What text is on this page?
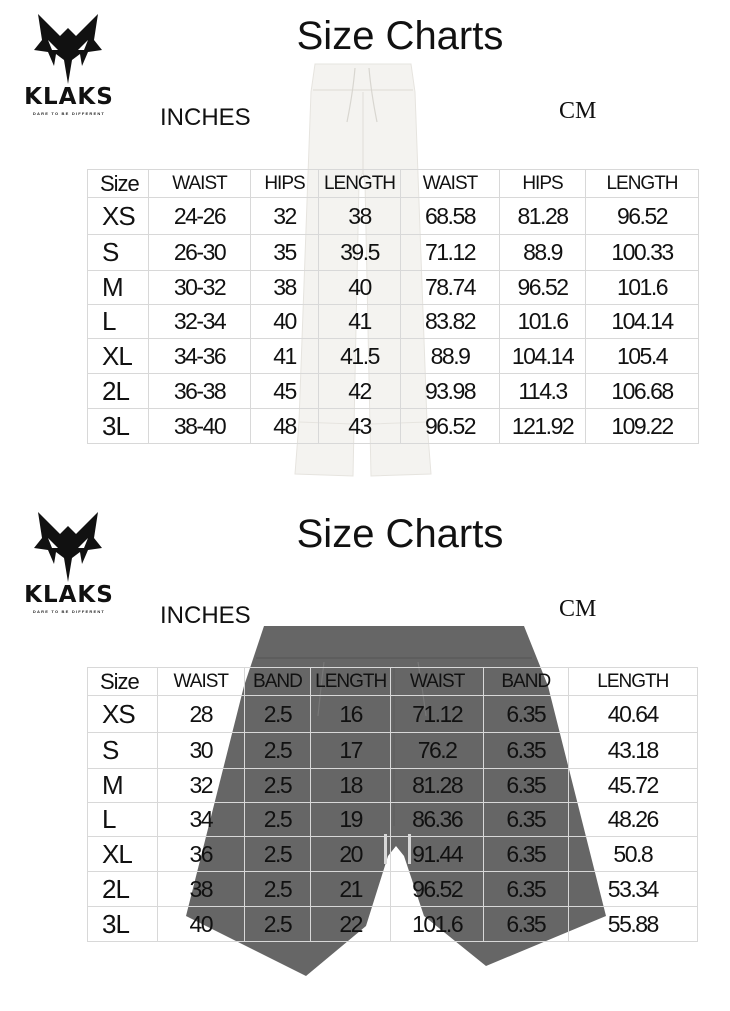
KLAKS
DARE TO BE DIFFERENT
Size Charts
INCHES	CM
Size	WAIST	HIPS	LENGTH	WAIST	HIPS	LENGTH
XS	24-26	32	38	68.58	81.28	96.52
S	26-30	35	39.5	71.12	88.9	100.33
M	30-32	38	40	78.74	96.52	101.6
L	32-34	40	41	83.82	101.6	104.14
XL	34-36	41	41.5	88.9	104.14	105.4
2L	36-38	45	42	93.98	114.3	106.68
3L	38-40	48	43	96.52	121.92	109.22
KLAKS
DARE TO BE DIFFERENT
Size Charts
INCHES	CM
Size	WAIST	BAND	LENGTH	WAIST	BAND	LENGTH
XS	28	2.5	16	71.12	6.35	40.64
S	30	2.5	17	76.2	6.35	43.18
M	32	2.5	18	81.28	6.35	45.72
L	34	2.5	19	86.36	6.35	48.26
XL	36	2.5	20	91.44	6.35	50.8
2L	38	2.5	21	96.52	6.35	53.34
3L	40	2.5	22	101.6	6.35	55.88
